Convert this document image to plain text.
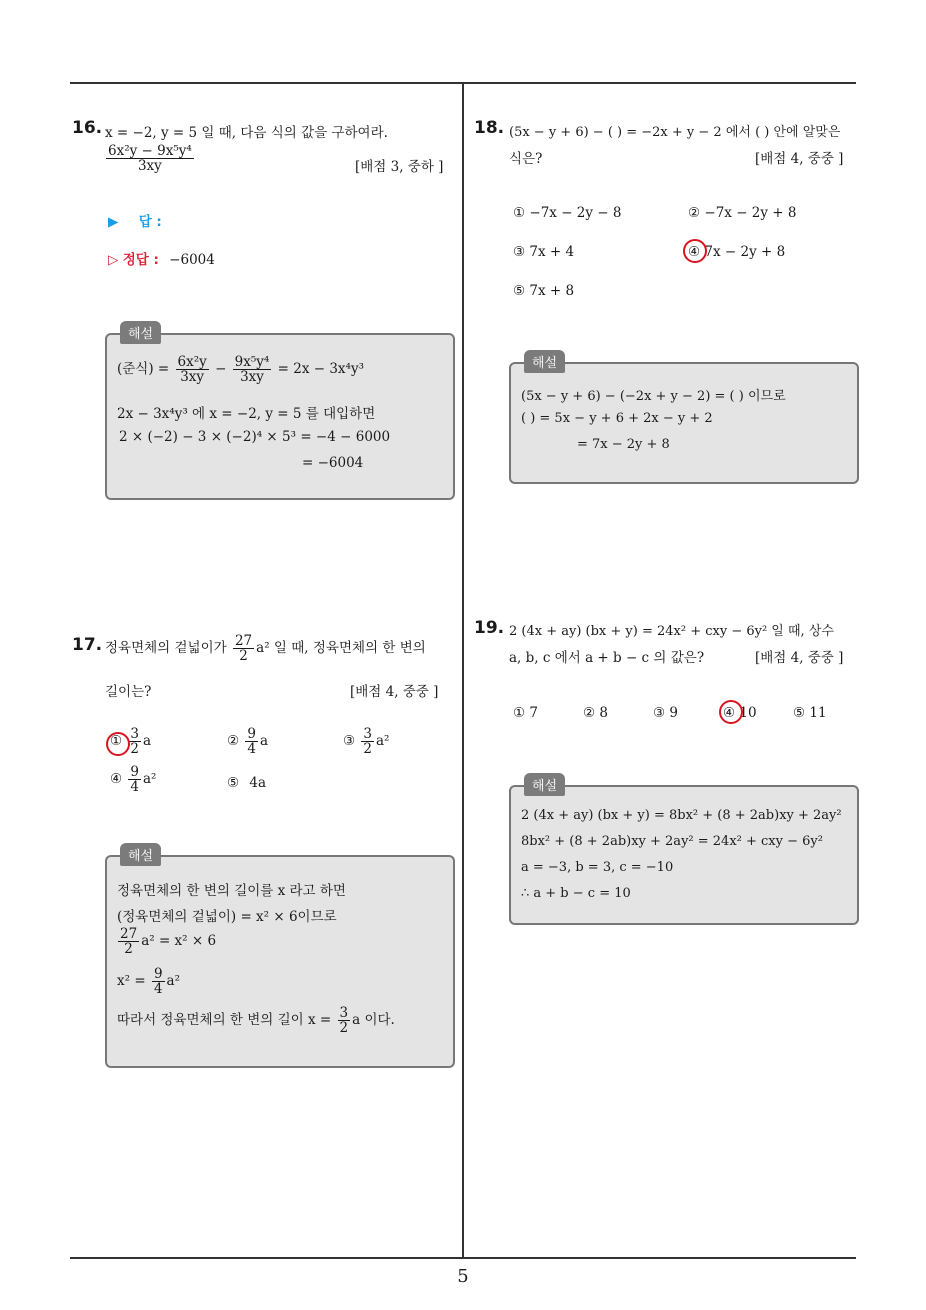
16. x = −2, y = 5 일 때, 다음 식의 값을 구하여라.
$\frac{\text{6x²y − 9x⁵y⁴}}{3xy}$	[배점 3, 중하 ]
▶ 답 :
▷ 정답 : −6004
해설
(준식) = $\frac{\text{6x²y}}{3xy} - \frac{\text{9x⁵y⁴}}{3xy} = 2x - 3x^4y^3$
2x − 3x⁴y³ 에 x = −2, y = 5 를 대입하면
2 × (−2) − 3 × (−2)⁴ × 5³ = −4 − 6000
= −6004
17. 정육면체의 겉넓이가 $\frac{27}{2} a^2$ 일 때, 정육면체의 한 변의
길이는?	[배점 4, 중중 ]
① $\frac{3}{2}$ a	② $\frac{9}{4}$ a	③ $\frac{3}{2} a^2$
④ $\frac{9}{4} a^2$	⑤ 4a
해설
정육면체의 한 변의 길이를 x 라고 하면
(정육면체의 겉넓이) = x² × 6이므로
$\frac{27}{2} a^2 = x^2 \times 6$
$x^2 = \frac{9}{4} a^2$
따라서 정육면체의 한 변의 길이 $x = \frac{3}{2}$ a 이다.
18. (5x − y + 6) − ( ) = −2x + y − 2 에서 ( ) 안에 알맞은
식은?	[배점 4, 중중 ]
① −7x − 2y − 8	② −7x − 2y + 8
③ 7x + 4	④ 7x − 2y + 8
⑤ 7x + 8
해설
(5x − y + 6) − (−2x + y − 2) = ( ) 이므로
( ) = 5x − y + 6 + 2x − y + 2
= 7x − 2y + 8
19. 2 (4x + ay) (bx + y) = 24x² + cxy − 6y² 일 때, 상수
a, b, c 에서 a + b − c 의 값은?	[배점 4, 중중 ]
① 7	② 8	③ 9	④ 10	⑤ 11
해설
2 (4x + ay) (bx + y) = 8bx² + (8 + 2ab)xy + 2ay²
8bx² + (8 + 2ab)xy + 2ay² = 24x² + cxy − 6y²
a = −3, b = 3, c = −10
∴ a + b − c = 10
5
